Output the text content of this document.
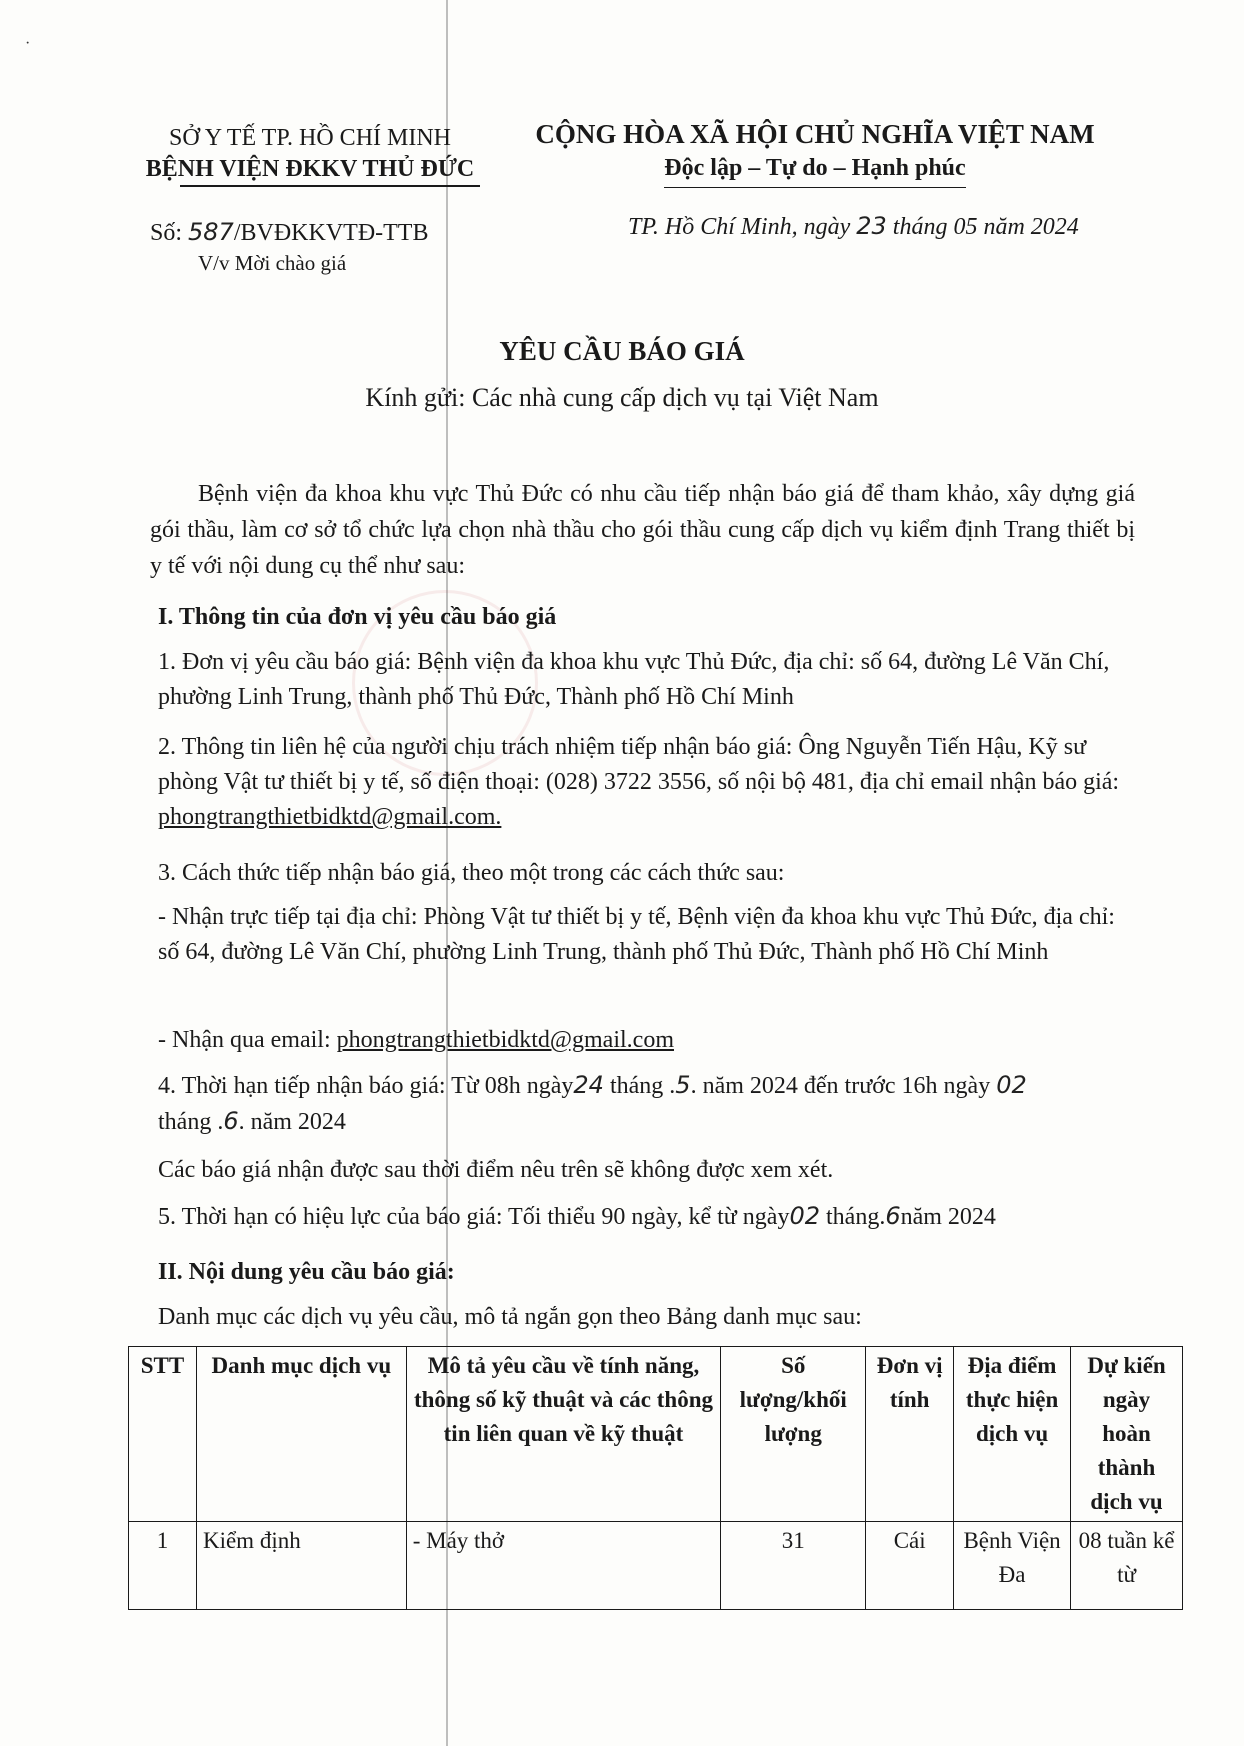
·
SỞ Y TẾ TP. HỒ CHÍ MINH
BỆNH VIỆN ĐKKV THỦ ĐỨC
CỘNG HÒA XÃ HỘI CHỦ NGHĨA VIỆT NAM
Độc lập – Tự do – Hạnh phúc
Số: 587/BVĐKKVTĐ-TTB
V/v Mời chào giá
TP. Hồ Chí Minh, ngày 23 tháng 05 năm 2024
YÊU CẦU BÁO GIÁ
Kính gửi: Các nhà cung cấp dịch vụ tại Việt Nam
Bệnh viện đa khoa khu vực Thủ Đức có nhu cầu tiếp nhận báo giá để tham khảo, xây dựng giá gói thầu, làm cơ sở tổ chức lựa chọn nhà thầu cho gói thầu cung cấp dịch vụ kiểm định Trang thiết bị y tế với nội dung cụ thể như sau:
I. Thông tin của đơn vị yêu cầu báo giá
1. Đơn vị yêu cầu báo giá: Bệnh viện đa khoa khu vực Thủ Đức, địa chỉ: số 64, đường Lê Văn Chí, phường Linh Trung, thành phố Thủ Đức, Thành phố Hồ Chí Minh
2. Thông tin liên hệ của người chịu trách nhiệm tiếp nhận báo giá: Ông Nguyễn Tiến Hậu, Kỹ sư phòng Vật tư thiết bị y tế, số điện thoại: (028) 3722 3556, số nội bộ 481, địa chỉ email nhận báo giá: phongtrangthietbidktd@gmail.com.
3. Cách thức tiếp nhận báo giá, theo một trong các cách thức sau:
- Nhận trực tiếp tại địa chỉ: Phòng Vật tư thiết bị y tế, Bệnh viện đa khoa khu vực Thủ Đức, địa chỉ: số 64, đường Lê Văn Chí, phường Linh Trung, thành phố Thủ Đức, Thành phố Hồ Chí Minh
- Nhận qua email: phongtrangthietbidktd@gmail.com
4. Thời hạn tiếp nhận báo giá: Từ 08h ngày24 tháng .5. năm 2024 đến trước 16h ngày 02
tháng .6. năm 2024
Các báo giá nhận được sau thời điểm nêu trên sẽ không được xem xét.
5. Thời hạn có hiệu lực của báo giá: Tối thiểu 90 ngày, kể từ ngày02 tháng.6năm 2024
II. Nội dung yêu cầu báo giá:
Danh mục các dịch vụ yêu cầu, mô tả ngắn gọn theo Bảng danh mục sau:
STT	Danh mục dịch vụ	Mô tả yêu cầu về tính năng, thông số kỹ thuật và các thông tin liên quan về kỹ thuật	Số lượng/khối lượng	Đơn vị tính	Địa điểm thực hiện dịch vụ	Dự kiến ngày hoàn thành dịch vụ
1	Kiểm định	- Máy thở	31	Cái	Bệnh Viện Đa	08 tuần kể từ
